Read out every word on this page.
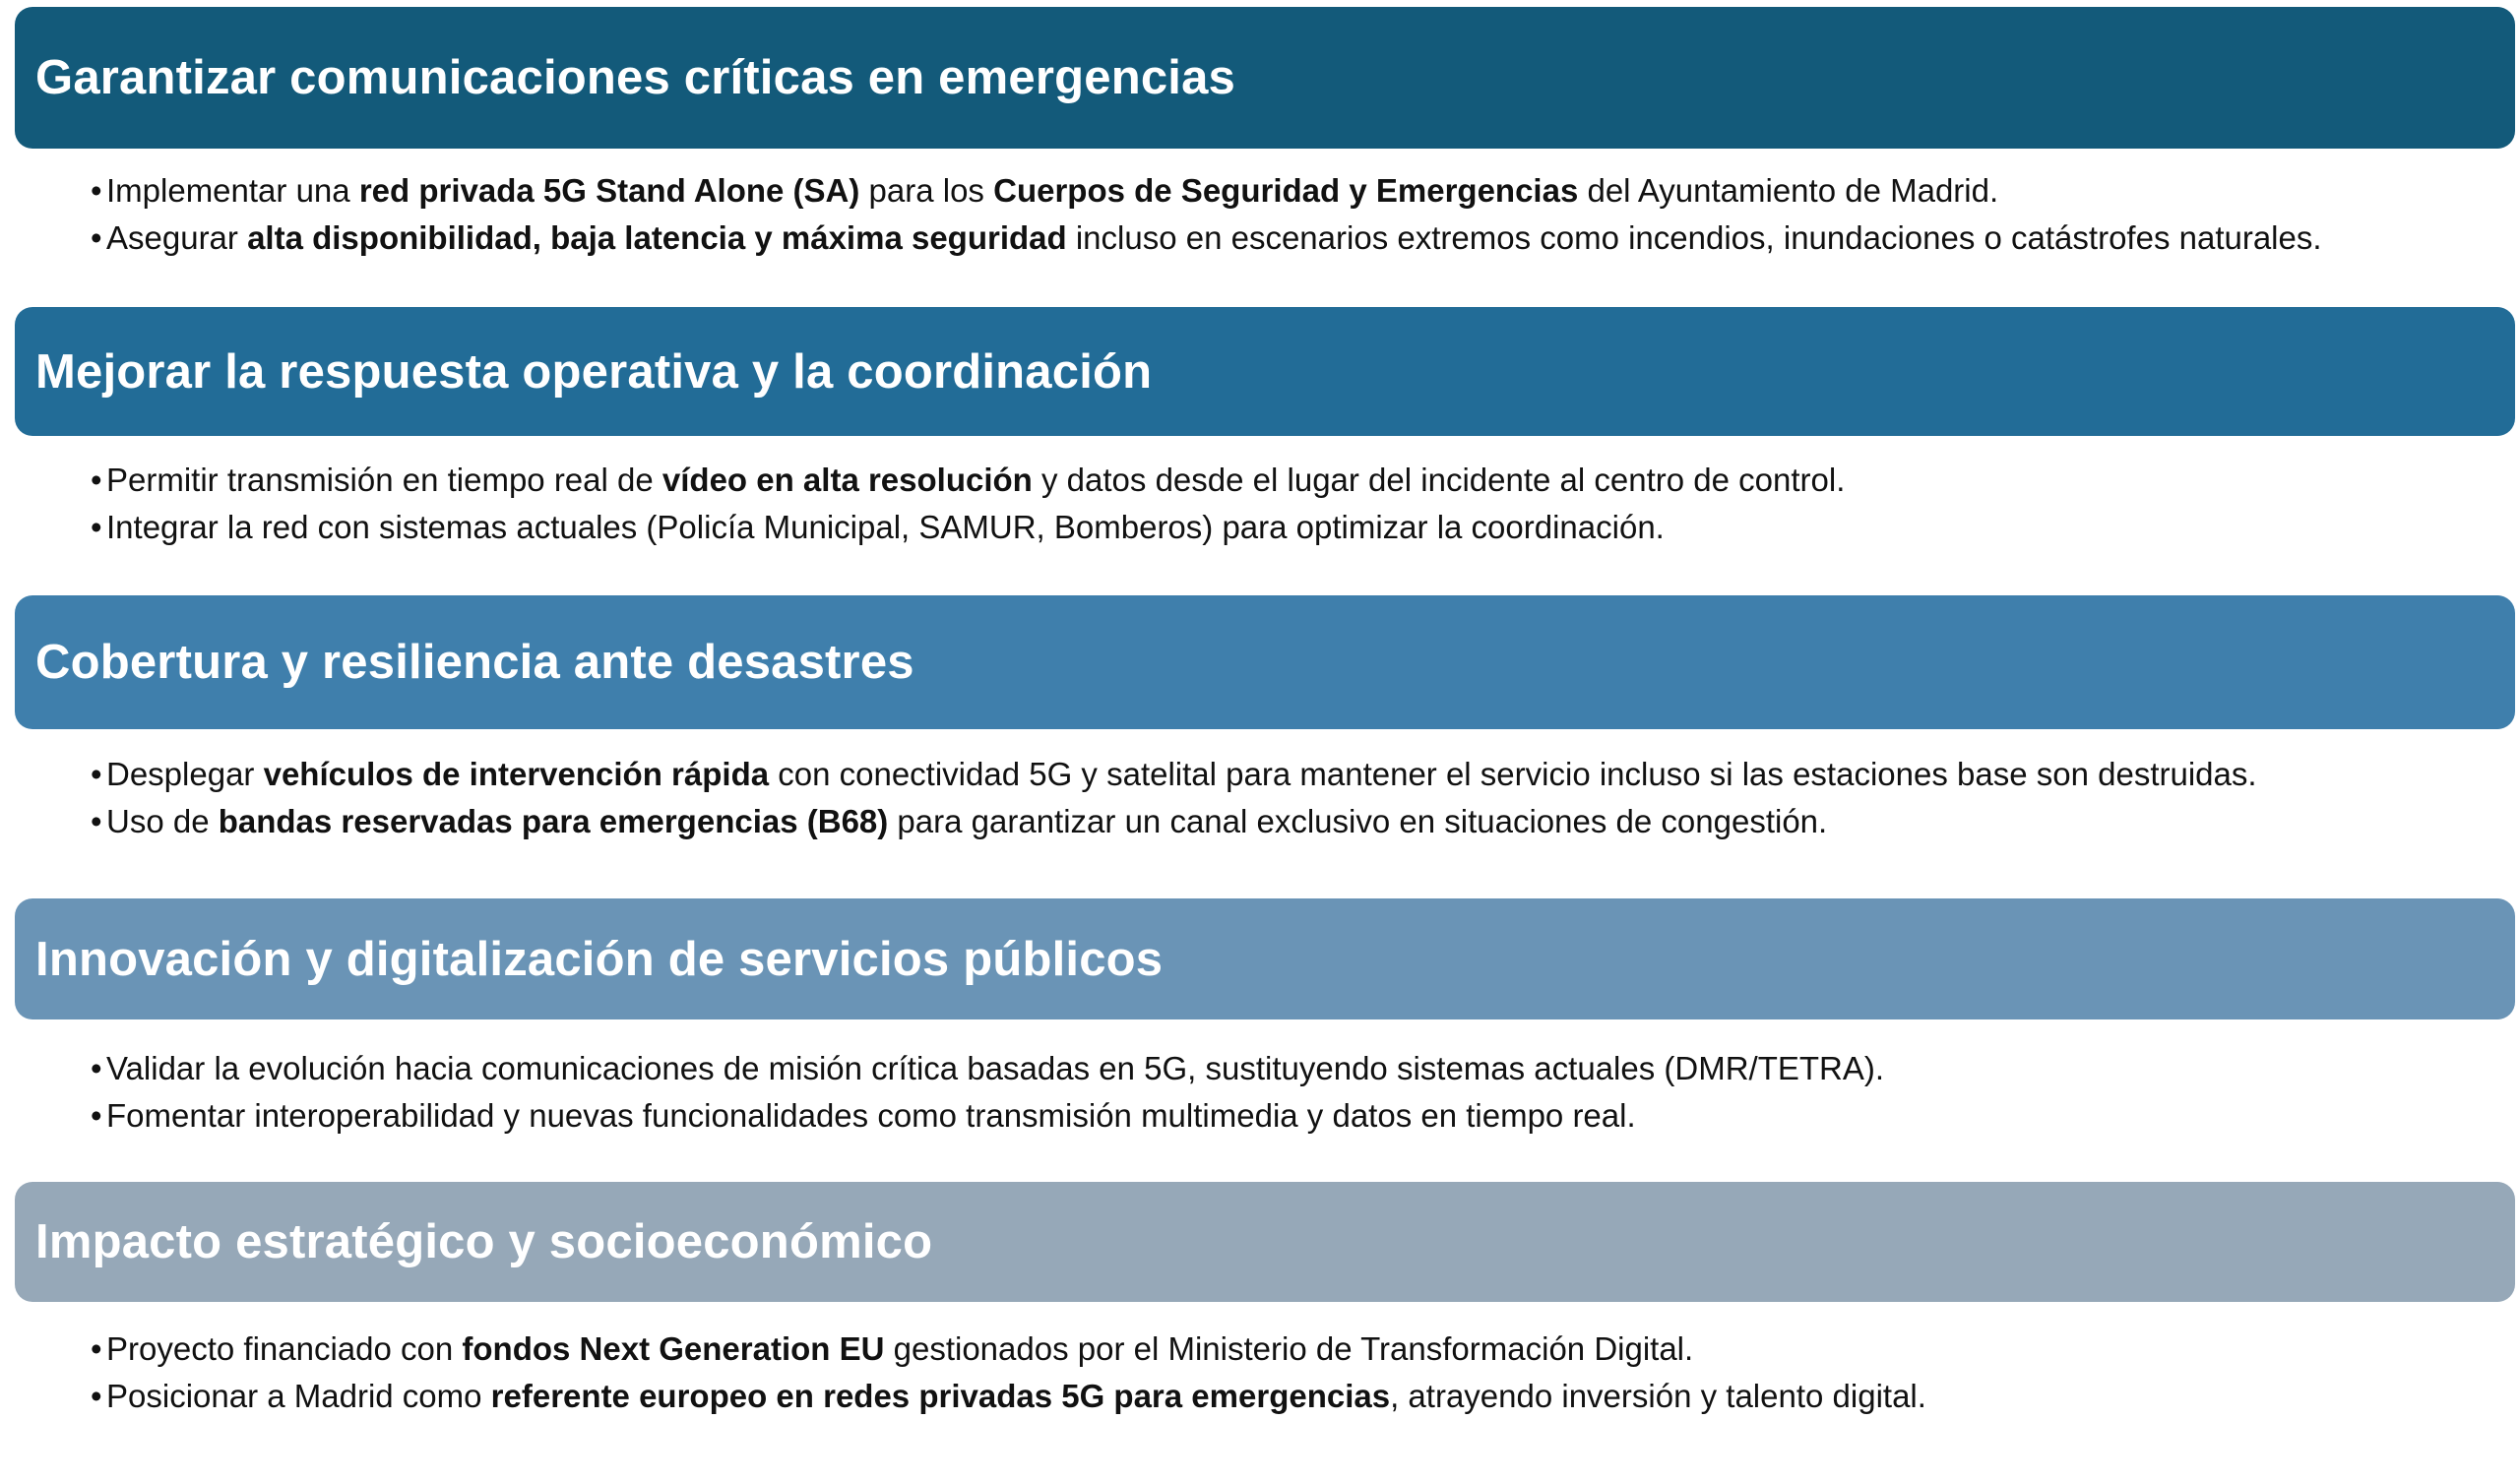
Garantizar comunicaciones críticas en emergencias
• Implementar una red privada 5G Stand Alone (SA) para los Cuerpos de Seguridad y Emergencias del Ayuntamiento de Madrid.
• Asegurar alta disponibilidad, baja latencia y máxima seguridad incluso en escenarios extremos como incendios, inundaciones o catástrofes naturales.
Mejorar la respuesta operativa y la coordinación
• Permitir transmisión en tiempo real de vídeo en alta resolución y datos desde el lugar del incidente al centro de control.
• Integrar la red con sistemas actuales (Policía Municipal, SAMUR, Bomberos) para optimizar la coordinación.
Cobertura y resiliencia ante desastres
• Desplegar vehículos de intervención rápida con conectividad 5G y satelital para mantener el servicio incluso si las estaciones base son destruidas.
• Uso de bandas reservadas para emergencias (B68) para garantizar un canal exclusivo en situaciones de congestión.
Innovación y digitalización de servicios públicos
• Validar la evolución hacia comunicaciones de misión crítica basadas en 5G, sustituyendo sistemas actuales (DMR/TETRA).
• Fomentar interoperabilidad y nuevas funcionalidades como transmisión multimedia y datos en tiempo real.
Impacto estratégico y socioeconómico
• Proyecto financiado con fondos Next Generation EU gestionados por el Ministerio de Transformación Digital.
• Posicionar a Madrid como referente europeo en redes privadas 5G para emergencias, atrayendo inversión y talento digital.
